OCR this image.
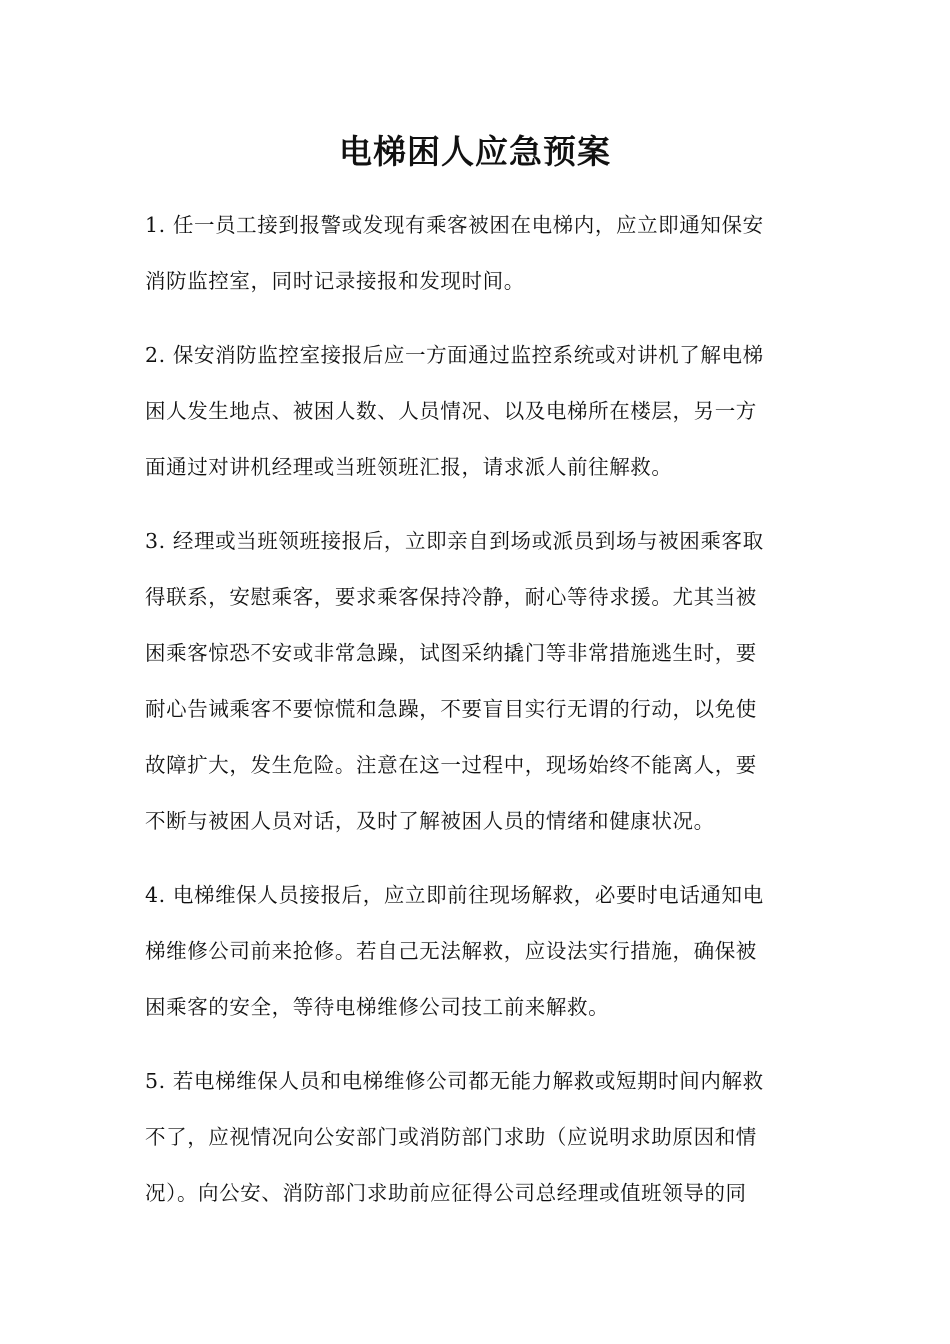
电梯困人应急预案
1. 任一员工接到报警或发现有乘客被困在电梯内，应立即通知保安
消防监控室，同时记录接报和发现时间。
2. 保安消防监控室接报后应一方面通过监控系统或对讲机了解电梯
困人发生地点、被困人数、人员情况、以及电梯所在楼层，另一方
面通过对讲机经理或当班领班汇报，请求派人前往解救。
3. 经理或当班领班接报后，立即亲自到场或派员到场与被困乘客取
得联系，安慰乘客，要求乘客保持冷静，耐心等待求援。尤其当被
困乘客惊恐不安或非常急躁，试图采纳撬门等非常措施逃生时，要
耐心告诫乘客不要惊慌和急躁，不要盲目实行无谓的行动，以免使
故障扩大，发生危险。注意在这一过程中，现场始终不能离人，要
不断与被困人员对话，及时了解被困人员的情绪和健康状况。
4. 电梯维保人员接报后，应立即前往现场解救，必要时电话通知电
梯维修公司前来抢修。若自己无法解救，应设法实行措施，确保被
困乘客的安全，等待电梯维修公司技工前来解救。
5. 若电梯维保人员和电梯维修公司都无能力解救或短期时间内解救
不了，应视情况向公安部门或消防部门求助（应说明求助原因和情
况）。向公安、消防部门求助前应征得公司总经理或值班领导的同
